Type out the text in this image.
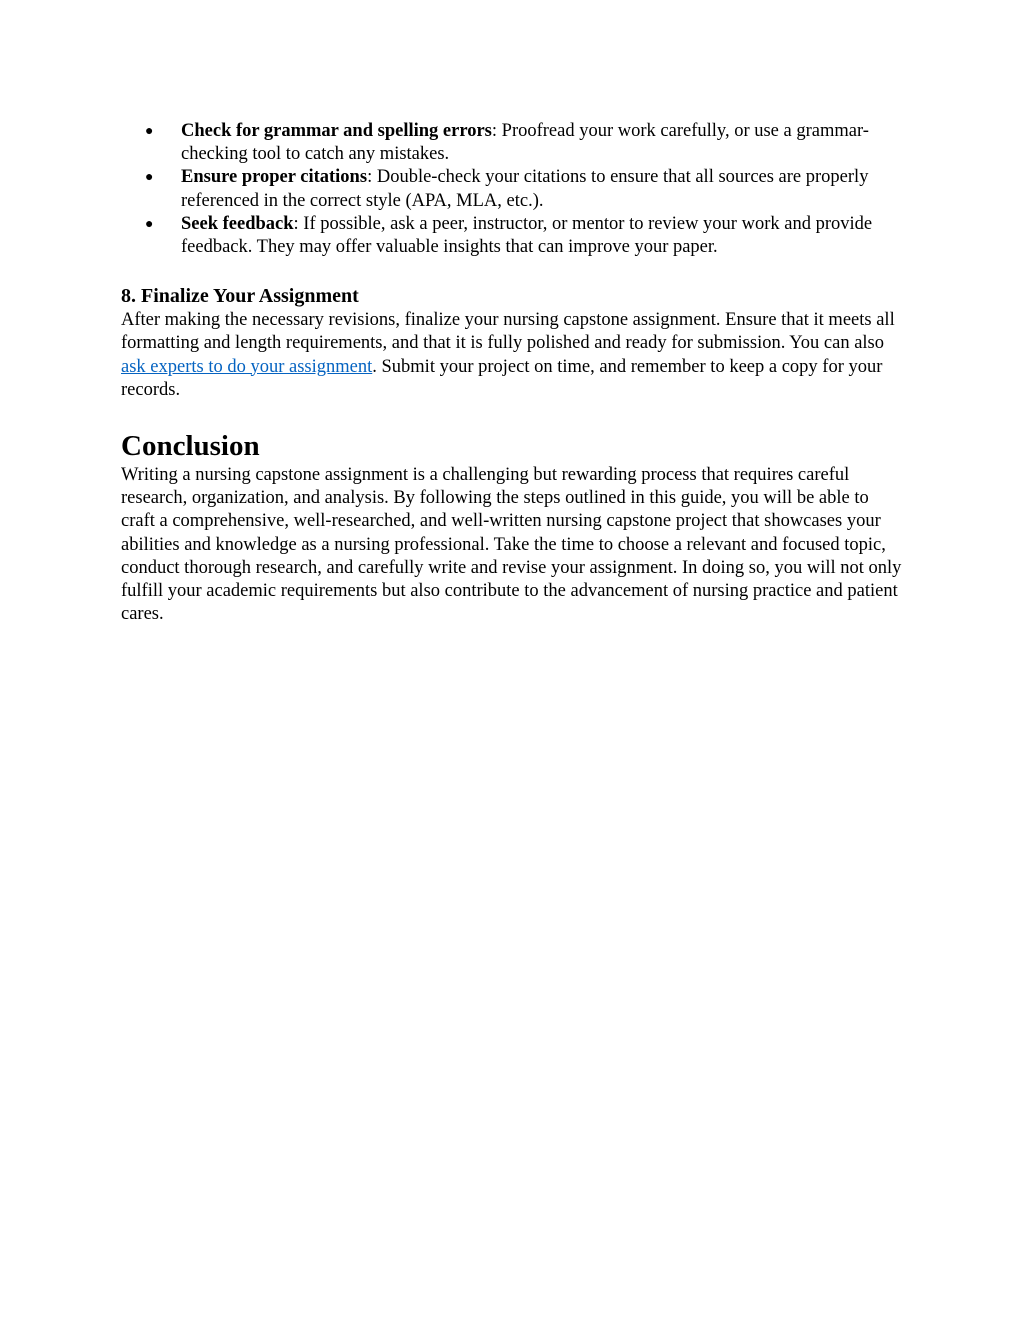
● Check for grammar and spelling errors: Proofread your work carefully, or use a grammar-checking tool to catch any mistakes.
● Ensure proper citations: Double-check your citations to ensure that all sources are properly referenced in the correct style (APA, MLA, etc.).
● Seek feedback: If possible, ask a peer, instructor, or mentor to review your work and provide feedback. They may offer valuable insights that can improve your paper.
8. Finalize Your Assignment

After making the necessary revisions, finalize your nursing capstone assignment. Ensure that it meets all formatting and length requirements, and that it is fully polished and ready for submission. You can also ask experts to do your assignment. Submit your project on time, and remember to keep a copy for your records.

Conclusion

Writing a nursing capstone assignment is a challenging but rewarding process that requires careful research, organization, and analysis. By following the steps outlined in this guide, you will be able to craft a comprehensive, well-researched, and well-written nursing capstone project that showcases your abilities and knowledge as a nursing professional. Take the time to choose a relevant and focused topic, conduct thorough research, and carefully write and revise your assignment. In doing so, you will not only fulfill your academic requirements but also contribute to the advancement of nursing practice and patient cares.
